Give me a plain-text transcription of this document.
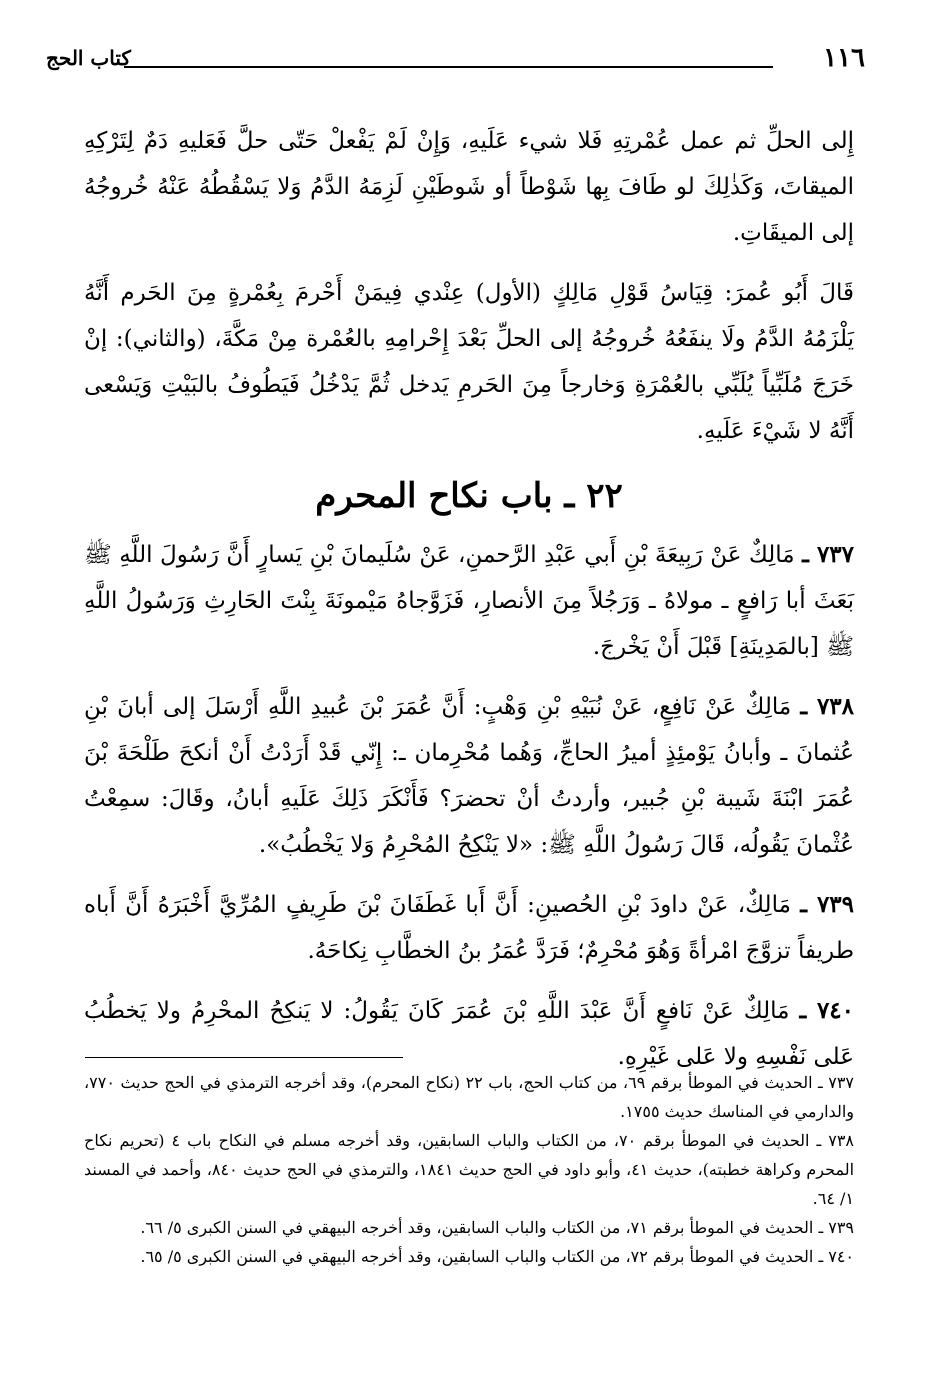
١١٦
كتاب الحج

إِلى الحلِّ ثم عمل عُمْرتِهِ فَلا شيء عَلَيهِ، وَإِنْ لَمْ يَفْعلْ حَتّى حلَّ فَعَليهِ دَمٌ لِتَرْكِهِ الميقاتَ، وَكَذٰلِكَ لو طَافَ بِها شَوْطاً أو شَوطَيْنِ لَزِمَهُ الدَّمُ وَلا يَسْقُطُهُ عَنْهُ خُروجُهُ إلى الميقَاتِ.

قَالَ أَبُو عُمرَ: قِيَاسُ قَوْلِ مَالِكٍ (الأول) عِنْدي فِيمَنْ أَحْرمَ بِعُمْرةٍ مِنَ الحَرم أَنَّهُ يَلْزَمُهُ الدَّمُ ولَا ينفَعُهُ خُروجُهُ إلى الحلِّ بَعْدَ إِحْرامِهِ بالعُمْرة مِنْ مَكَّةَ، (والثاني): إنْ خَرَجَ مُلَبِّياً يُلَبِّي بالعُمْرَةِ وَخارجاً مِنَ الحَرمِ يَدخل ثُمَّ يَدْخُلُ فَيَطُوفُ بالبَيْتِ وَيَسْعى أَنَّهُ لا شَيْءَ عَلَيهِ.

٢٢ ـ باب نكاح المحرم

٧٣٧ ـ مَالِكٌ عَنْ رَبِيعَةَ بْنِ أَبي عَبْدِ الرَّحمنِ، عَنْ سُلَيمانَ بْنِ يَسارٍ أَنَّ رَسُولَ اللَّهِ ﷺ بَعَثَ أبا رَافعٍ ـ مولاهُ ـ وَرَجُلاً مِنَ الأنصارِ، فَزَوَّجاهُ مَيْمونَةَ بِنْتَ الحَارِثِ وَرَسُولُ اللَّهِ ﷺ [بالمَدِينَةِ] قَبْلَ أَنْ يَخْرجَ.

٧٣٨ ـ مَالِكٌ عَنْ نَافِعٍ، عَنْ نُبَيْهِ بْنِ وَهْبٍ: أَنَّ عُمَرَ بْنَ عُبيدِ اللَّهِ أَرْسَلَ إلى أبانَ بْنِ عُثمانَ ـ وأبانُ يَوْمئِذٍ أميرُ الحاجِّ، وَهُما مُحْرِمان ـ: إِنّي قَدْ أَرَدْتُ أَنْ أنكحَ طَلْحَةَ بْنَ عُمَرَ ابْنَةَ شَيبة بْنِ جُبير، وأردتُ أنْ تحضرَ؟ فَأَنْكَرَ ذَلِكَ عَلَيهِ أبانُ، وقَالَ: سمِعْتُ عُثْمانَ يَقُولُه، قَالَ رَسُولُ اللَّهِ ﷺ: «لا يَنْكِحُ المُحْرِمُ وَلا يَخْطُبُ».

٧٣٩ ـ مَالِكٌ، عَنْ داودَ بْنِ الحُصينِ: أَنَّ أَبا غَطَفَانَ بْنَ طَرِيفٍ المُرِّيَّ أَخْبَرَهُ أَنَّ أَباه طريفاً تزوَّجَ امْرأةً وَهُوَ مُحْرِمٌ؛ فَرَدَّ عُمَرُ بنُ الخطَّابِ نِكاحَهُ.

٧٤٠ ـ مَالِكٌ عَنْ نَافعٍ أَنَّ عَبْدَ اللَّهِ بْنَ عُمَرَ كَانَ يَقُولُ: لا يَنكِحُ المحْرِمُ ولا يَخطُبُ عَلى نَفْسِهِ ولا عَلى غَيْرِهِ.

٧٣٧ ـ الحديث في الموطأ برقم ٦٩، من كتاب الحج، باب ٢٢ (نكاح المحرم)، وقد أخرجه الترمذي في الحج حديث ٧٧٠، والدارمي في المناسك حديث ١٧٥٥.

٧٣٨ ـ الحديث في الموطأ برقم ٧٠، من الكتاب والباب السابقين، وقد أخرجه مسلم في النكاح باب ٤ (تحريم نكاح المحرم وكراهة خطبته)، حديث ٤١، وأبو داود في الحج حديث ١٨٤١، والترمذي في الحج حديث ٨٤٠، وأحمد في المسند ١/ ٦٤.

٧٣٩ ـ الحديث في الموطأ برقم ٧١، من الكتاب والباب السابقين، وقد أخرجه البيهقي في السنن الكبرى ٥/ ٦٦.

٧٤٠ ـ الحديث في الموطأ برقم ٧٢، من الكتاب والباب السابقين، وقد أخرجه البيهقي في السنن الكبرى ٥/ ٦٥.
